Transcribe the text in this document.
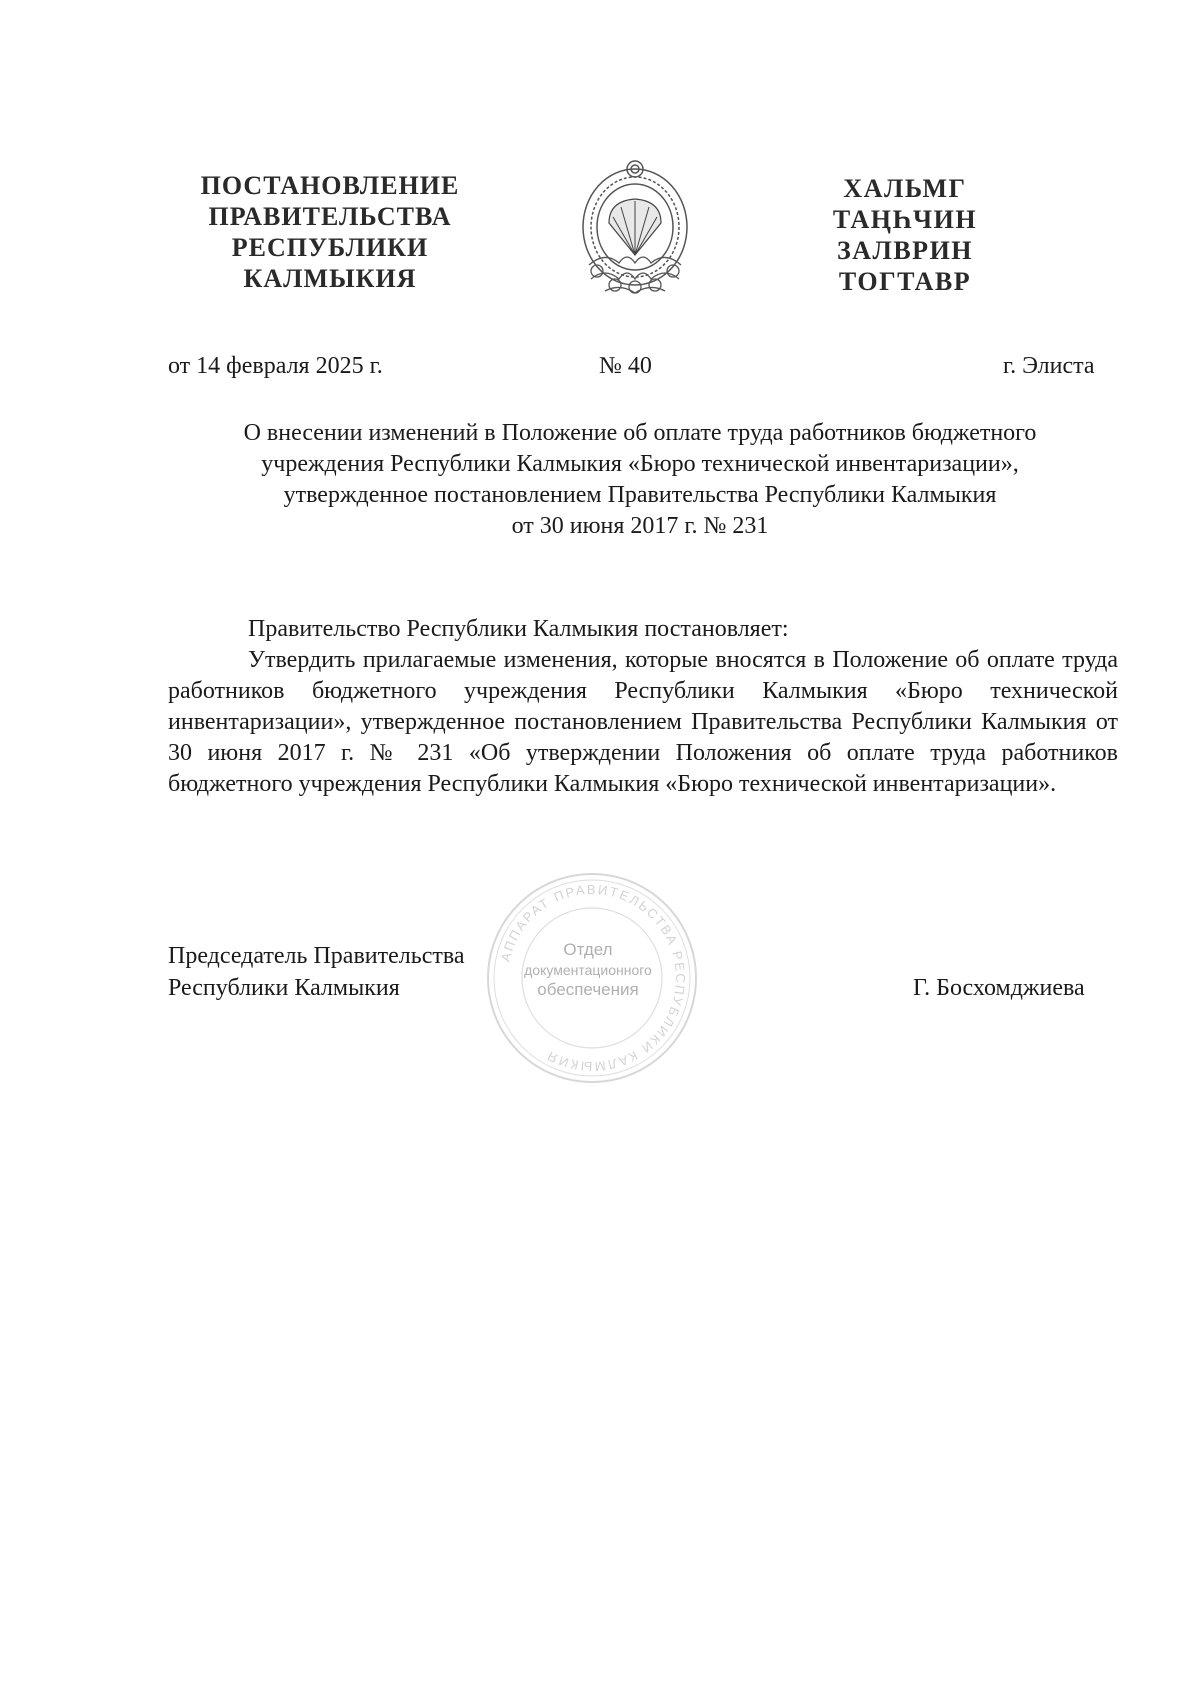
ПОСТАНОВЛЕНИЕ
ПРАВИТЕЛЬСТВА
РЕСПУБЛИКИ
КАЛМЫКИЯ
ХАЛЬМГ
ТАҢҺЧИН
ЗАЛВРИН
ТОГТАВР
от 14 февраля 2025 г.	№ 40	г. Элиста
О внесении изменений в Положение об оплате труда работников бюджетного
учреждения Республики Калмыкия «Бюро технической инвентаризации»,
утвержденное постановлением Правительства Республики Калмыкия
от 30 июня 2017 г. № 231

Правительство Республики Калмыкия постановляет:

Утвердить прилагаемые изменения, которые вносятся в Положение об оплате труда работников бюджетного учреждения Республики Калмыкия «Бюро технической инвентаризации», утвержденное постановлением Правительства Республики Калмыкия от 30 июня 2017 г. № 231 «Об утверждении Положения об оплате труда работников бюджетного учреждения Республики Калмыкия «Бюро технической инвентаризации».

АППАРАТ ПРАВИТЕЛЬСТВА РЕСПУБЛИКИ КАЛМЫКИЯ
Отдел
документационного
обеспечения
Председатель Правительства
Республики Калмыкия	Г. Босхомджиева
